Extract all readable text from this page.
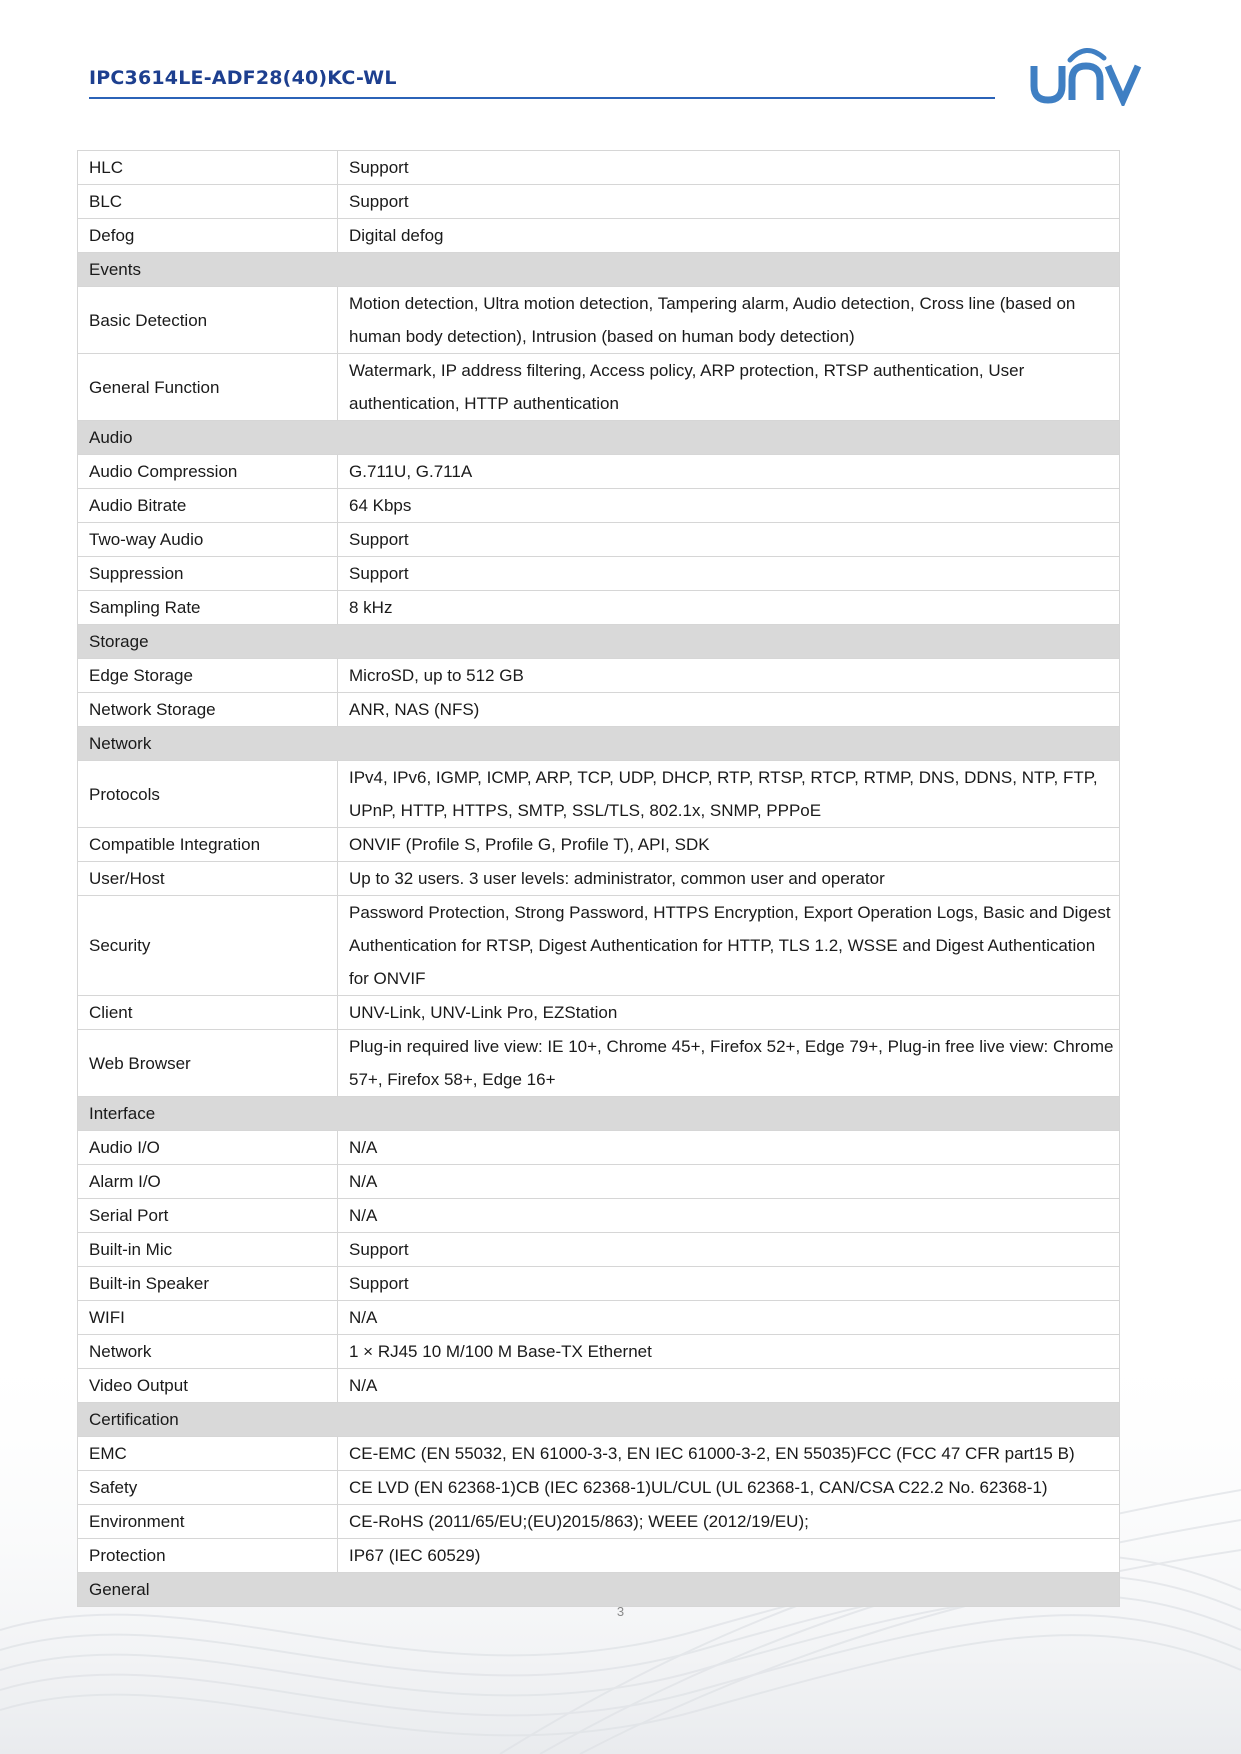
IPC3614LE-ADF28(40)KC-WL
HLC	Support
BLC	Support
Defog	Digital defog
Events	
Basic Detection	Motion detection, Ultra motion detection, Tampering alarm, Audio detection, Cross line (based on human body detection), Intrusion (based on human body detection)
General Function	Watermark, IP address filtering, Access policy, ARP protection, RTSP authentication, User authentication, HTTP authentication
Audio	
Audio Compression	G.711U, G.711A
Audio Bitrate	64 Kbps
Two-way Audio	Support
Suppression	Support
Sampling Rate	8 kHz
Storage	
Edge Storage	MicroSD, up to 512 GB
Network Storage	ANR, NAS (NFS)
Network	
Protocols	IPv4, IPv6, IGMP, ICMP, ARP, TCP, UDP, DHCP, RTP, RTSP, RTCP, RTMP, DNS, DDNS, NTP, FTP, UPnP, HTTP, HTTPS, SMTP, SSL/TLS, 802.1x, SNMP, PPPoE
Compatible Integration	ONVIF (Profile S, Profile G, Profile T), API, SDK
User/Host	Up to 32 users. 3 user levels: administrator, common user and operator
Security	Password Protection, Strong Password, HTTPS Encryption, Export Operation Logs, Basic and Digest Authentication for RTSP, Digest Authentication for HTTP, TLS 1.2, WSSE and Digest Authentication for ONVIF
Client	UNV-Link, UNV-Link Pro, EZStation
Web Browser	Plug-in required live view: IE 10+, Chrome 45+, Firefox 52+, Edge 79+, Plug-in free live view: Chrome 57+, Firefox 58+, Edge 16+
Interface	
Audio I/O	N/A
Alarm I/O	N/A
Serial Port	N/A
Built-in Mic	Support
Built-in Speaker	Support
WIFI	N/A
Network	1 × RJ45 10 M/100 M Base-TX Ethernet
Video Output	N/A
Certification	
EMC	CE-EMC (EN 55032, EN 61000-3-3, EN IEC 61000-3-2, EN 55035)FCC (FCC 47 CFR part15 B)
Safety	CE LVD (EN 62368-1)CB (IEC 62368-1)UL/CUL (UL 62368-1, CAN/CSA C22.2 No. 62368-1)
Environment	CE-RoHS (2011/65/EU;(EU)2015/863); WEEE (2012/19/EU);
Protection	IP67 (IEC 60529)
General	
3
